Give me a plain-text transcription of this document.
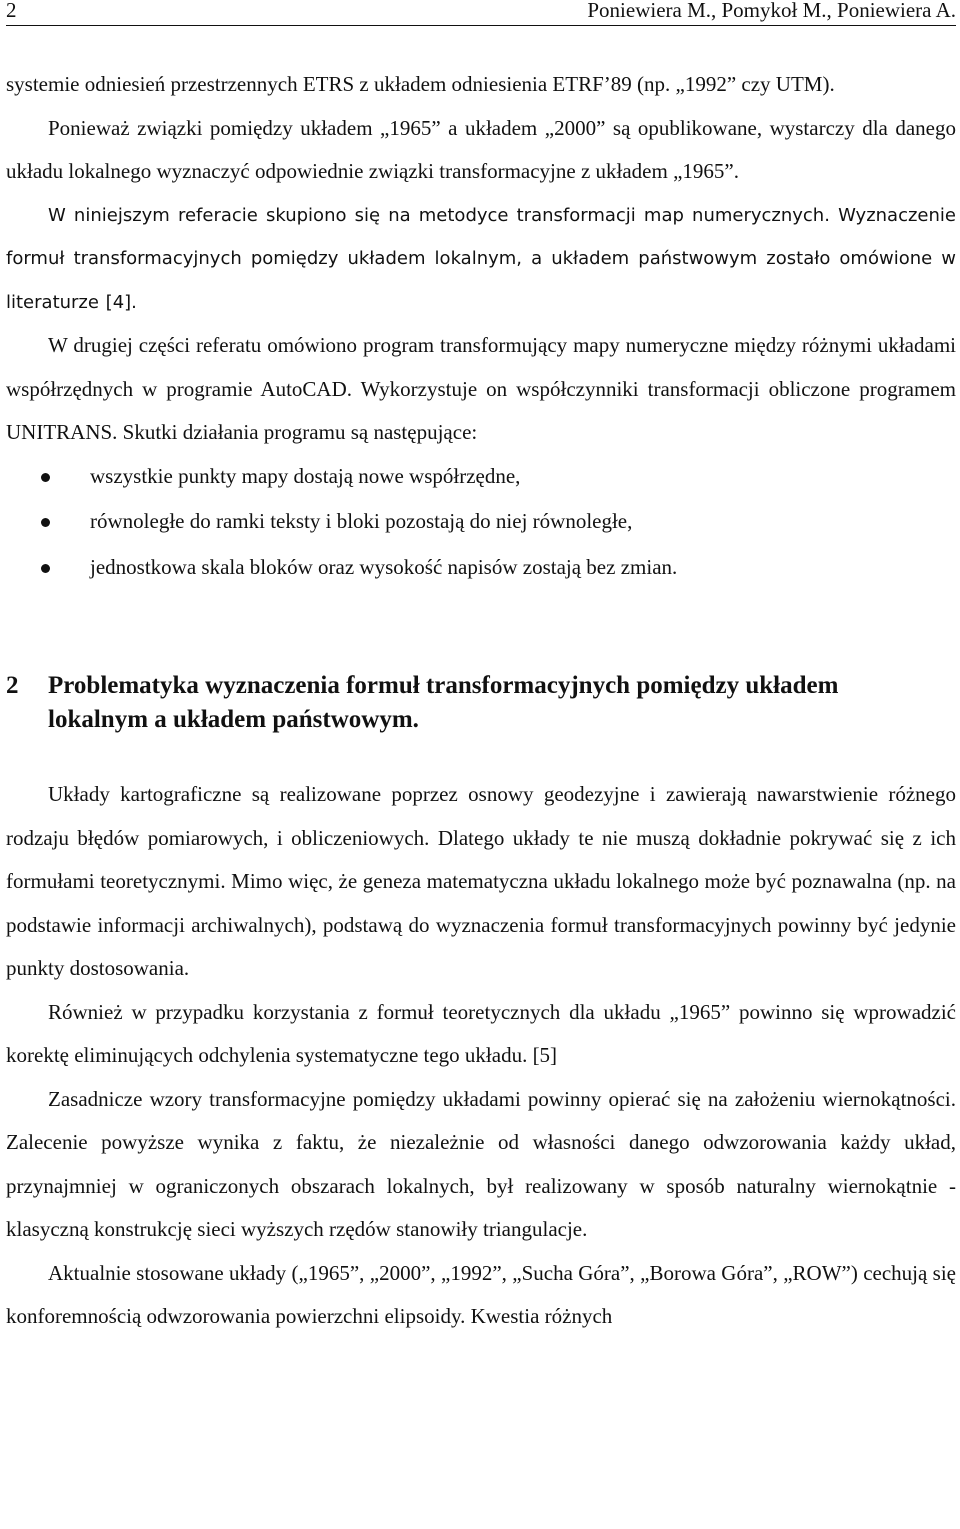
2	Poniewiera M., Pomykoł M., Poniewiera A.

systemie odniesień przestrzennych ETRS z układem odniesienia ETRF’89 (np. „1992” czy UTM).

Ponieważ związki pomiędzy układem „1965” a układem „2000” są opublikowane, wystarczy dla danego układu lokalnego wyznaczyć odpowiednie związki transformacyjne z układem „1965”.

W niniejszym referacie skupiono się na metodyce transformacji map numerycznych. Wyznaczenie formuł transformacyjnych pomiędzy układem lokalnym, a układem państwowym zostało omówione w literaturze [4].

W drugiej części referatu omówiono program transformujący mapy numeryczne między różnymi układami współrzędnych w programie AutoCAD. Wykorzystuje on współczynniki transformacji obliczone programem UNITRANS. Skutki działania programu są następujące:

wszystkie punkty mapy dostają nowe współrzędne,
równoległe do ramki teksty i bloki pozostają do niej równoległe,
jednostkowa skala bloków oraz wysokość napisów zostają bez zmian.
2	Problematyka wyznaczenia formuł transformacyjnych pomiędzy układem lokalnym a układem państwowym.

Układy kartograficzne są realizowane poprzez osnowy geodezyjne i zawierają nawarstwienie różnego rodzaju błędów pomiarowych, i obliczeniowych. Dlatego układy te nie muszą dokładnie pokrywać się z ich formułami teoretycznymi. Mimo więc, że geneza matematyczna układu lokalnego może być poznawalna (np. na podstawie informacji archiwalnych), podstawą do wyznaczenia formuł transformacyjnych powinny być jedynie punkty dostosowania.

Również w przypadku korzystania z formuł teoretycznych dla układu „1965” powinno się wprowadzić korektę eliminujących odchylenia systematyczne tego układu. [5]

Zasadnicze wzory transformacyjne pomiędzy układami powinny opierać się na założeniu wiernokątności. Zalecenie powyższe wynika z faktu, że niezależnie od własności danego odwzorowania każdy układ, przynajmniej w ograniczonych obszarach lokalnych, był realizowany w sposób naturalny wiernokątnie - klasyczną konstrukcję sieci wyższych rzędów stanowiły triangulacje.

Aktualnie stosowane układy („1965”, „2000”, „1992”, „Sucha Góra”, „Borowa Góra”, „ROW”) cechują się konforemnością odwzorowania powierzchni elipsoidy. Kwestia różnych
